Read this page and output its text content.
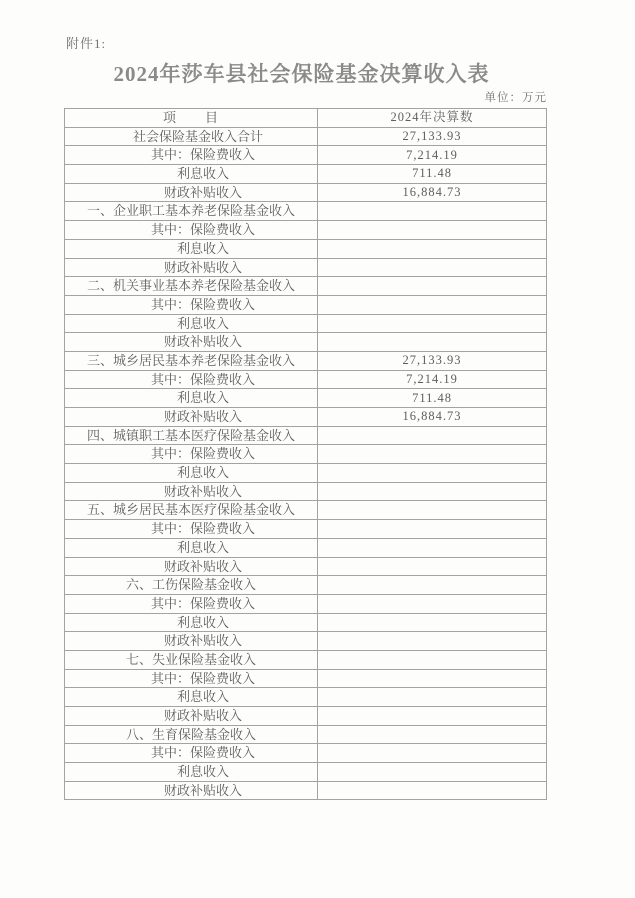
附件1:
2024年莎车县社会保险基金决算收入表
单位：万元
项　　目	2024年决算数
社会保险基金收入合计	27,133.93
其中：保险费收入	7,214.19
利息收入	711.48
财政补贴收入	16,884.73
一、企业职工基本养老保险基金收入	
其中：保险费收入	
利息收入	
财政补贴收入	
二、机关事业基本养老保险基金收入	
其中：保险费收入	
利息收入	
财政补贴收入	
三、城乡居民基本养老保险基金收入	27,133.93
其中：保险费收入	7,214.19
利息收入	711.48
财政补贴收入	16,884.73
四、城镇职工基本医疗保险基金收入	
其中：保险费收入	
利息收入	
财政补贴收入	
五、城乡居民基本医疗保险基金收入	
其中：保险费收入	
利息收入	
财政补贴收入	
六、工伤保险基金收入	
其中：保险费收入	
利息收入	
财政补贴收入	
七、失业保险基金收入	
其中：保险费收入	
利息收入	
财政补贴收入	
八、生育保险基金收入	
其中：保险费收入	
利息收入	
财政补贴收入	
